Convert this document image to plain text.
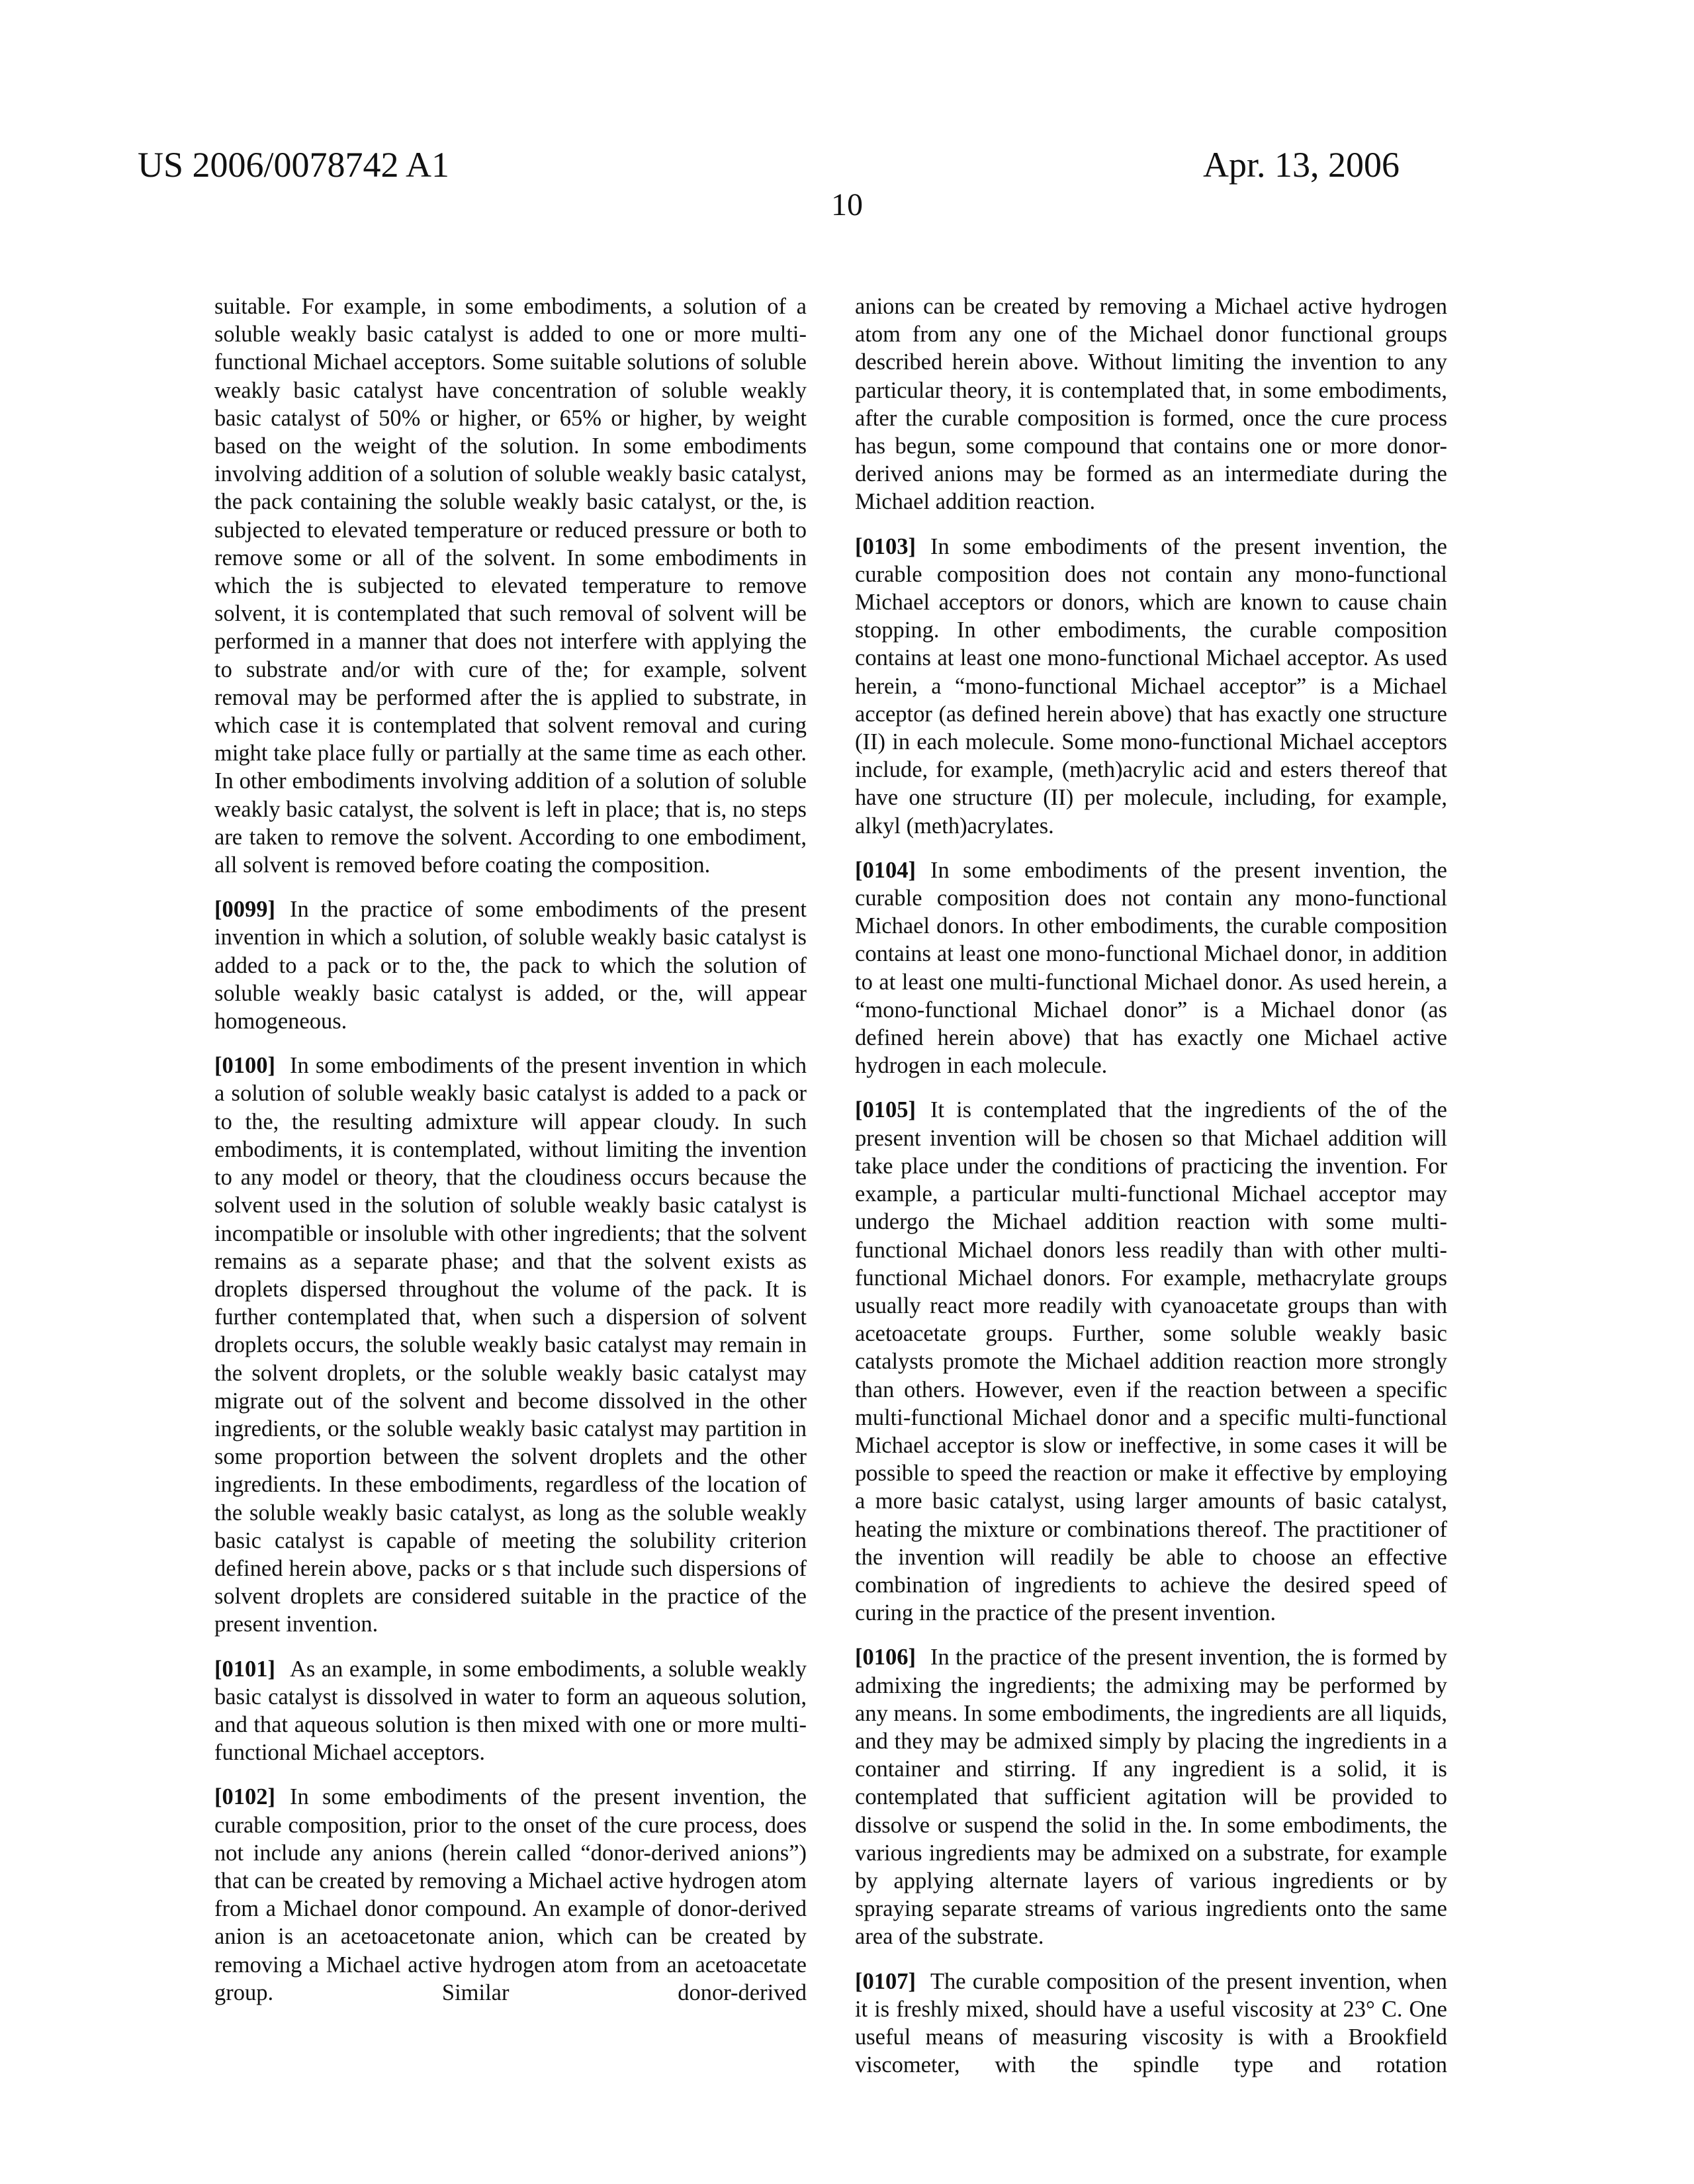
US 2006/0078742 A1	Apr. 13, 2006
10

suitable. For example, in some embodiments, a solution of a soluble weakly basic catalyst is added to one or more multi-functional Michael acceptors. Some suitable solutions of soluble weakly basic catalyst have concentration of soluble weakly basic catalyst of 50% or higher, or 65% or higher, by weight based on the weight of the solution. In some embodiments involving addition of a solution of soluble weakly basic catalyst, the pack containing the soluble weakly basic catalyst, or the, is subjected to elevated temperature or reduced pressure or both to remove some or all of the solvent. In some embodiments in which the is subjected to elevated temperature to remove solvent, it is contemplated that such removal of solvent will be performed in a manner that does not interfere with applying the to substrate and/or with cure of the; for example, solvent removal may be performed after the is applied to substrate, in which case it is contemplated that solvent removal and curing might take place fully or partially at the same time as each other. In other embodiments involving addition of a solution of soluble weakly basic catalyst, the solvent is left in place; that is, no steps are taken to remove the solvent. According to one embodiment, all solvent is removed before coating the composition.

[0099] In the practice of some embodiments of the present invention in which a solution, of soluble weakly basic catalyst is added to a pack or to the, the pack to which the solution of soluble weakly basic catalyst is added, or the, will appear homogeneous.

[0100] In some embodiments of the present invention in which a solution of soluble weakly basic catalyst is added to a pack or to the, the resulting admixture will appear cloudy. In such embodiments, it is contemplated, without limiting the invention to any model or theory, that the cloudiness occurs because the solvent used in the solution of soluble weakly basic catalyst is incompatible or insoluble with other ingredients; that the solvent remains as a separate phase; and that the solvent exists as droplets dispersed throughout the volume of the pack. It is further contemplated that, when such a dispersion of solvent droplets occurs, the soluble weakly basic catalyst may remain in the solvent droplets, or the soluble weakly basic catalyst may migrate out of the solvent and become dissolved in the other ingredients, or the soluble weakly basic catalyst may partition in some proportion between the solvent droplets and the other ingredients. In these embodiments, regardless of the location of the soluble weakly basic catalyst, as long as the soluble weakly basic catalyst is capable of meeting the solubility criterion defined herein above, packs or s that include such dispersions of solvent droplets are considered suitable in the practice of the present invention.

[0101] As an example, in some embodiments, a soluble weakly basic catalyst is dissolved in water to form an aqueous solution, and that aqueous solution is then mixed with one or more multi-functional Michael acceptors.

[0102] In some embodiments of the present invention, the curable composition, prior to the onset of the cure process, does not include any anions (herein called “donor-derived anions”) that can be created by removing a Michael active hydrogen atom from a Michael donor compound. An example of donor-derived anion is an acetoacetonate anion, which can be created by removing a Michael active hydrogen atom from an acetoacetate group. Similar donor-derived

anions can be created by removing a Michael active hydrogen atom from any one of the Michael donor functional groups described herein above. Without limiting the invention to any particular theory, it is contemplated that, in some embodiments, after the curable composition is formed, once the cure process has begun, some compound that contains one or more donor-derived anions may be formed as an intermediate during the Michael addition reaction.

[0103] In some embodiments of the present invention, the curable composition does not contain any mono-functional Michael acceptors or donors, which are known to cause chain stopping. In other embodiments, the curable composition contains at least one mono-functional Michael acceptor. As used herein, a “mono-functional Michael acceptor” is a Michael acceptor (as defined herein above) that has exactly one structure (II) in each molecule. Some mono-functional Michael acceptors include, for example, (meth)acrylic acid and esters thereof that have one structure (II) per molecule, including, for example, alkyl (meth)acrylates.

[0104] In some embodiments of the present invention, the curable composition does not contain any mono-functional Michael donors. In other embodiments, the curable composition contains at least one mono-functional Michael donor, in addition to at least one multi-functional Michael donor. As used herein, a “mono-functional Michael donor” is a Michael donor (as defined herein above) that has exactly one Michael active hydrogen in each molecule.

[0105] It is contemplated that the ingredients of the of the present invention will be chosen so that Michael addition will take place under the conditions of practicing the invention. For example, a particular multi-functional Michael acceptor may undergo the Michael addition reaction with some multi-functional Michael donors less readily than with other multi-functional Michael donors. For example, methacrylate groups usually react more readily with cyanoacetate groups than with acetoacetate groups. Further, some soluble weakly basic catalysts promote the Michael addition reaction more strongly than others. However, even if the reaction between a specific multi-functional Michael donor and a specific multi-functional Michael acceptor is slow or ineffective, in some cases it will be possible to speed the reaction or make it effective by employing a more basic catalyst, using larger amounts of basic catalyst, heating the mixture or combinations thereof. The practitioner of the invention will readily be able to choose an effective combination of ingredients to achieve the desired speed of curing in the practice of the present invention.

[0106] In the practice of the present invention, the is formed by admixing the ingredients; the admixing may be performed by any means. In some embodiments, the ingredients are all liquids, and they may be admixed simply by placing the ingredients in a container and stirring. If any ingredient is a solid, it is contemplated that sufficient agitation will be provided to dissolve or suspend the solid in the. In some embodiments, the various ingredients may be admixed on a substrate, for example by applying alternate layers of various ingredients or by spraying separate streams of various ingredients onto the same area of the substrate.

[0107] The curable composition of the present invention, when it is freshly mixed, should have a useful viscosity at 23° C. One useful means of measuring viscosity is with a Brookfield viscometer, with the spindle type and rotation
